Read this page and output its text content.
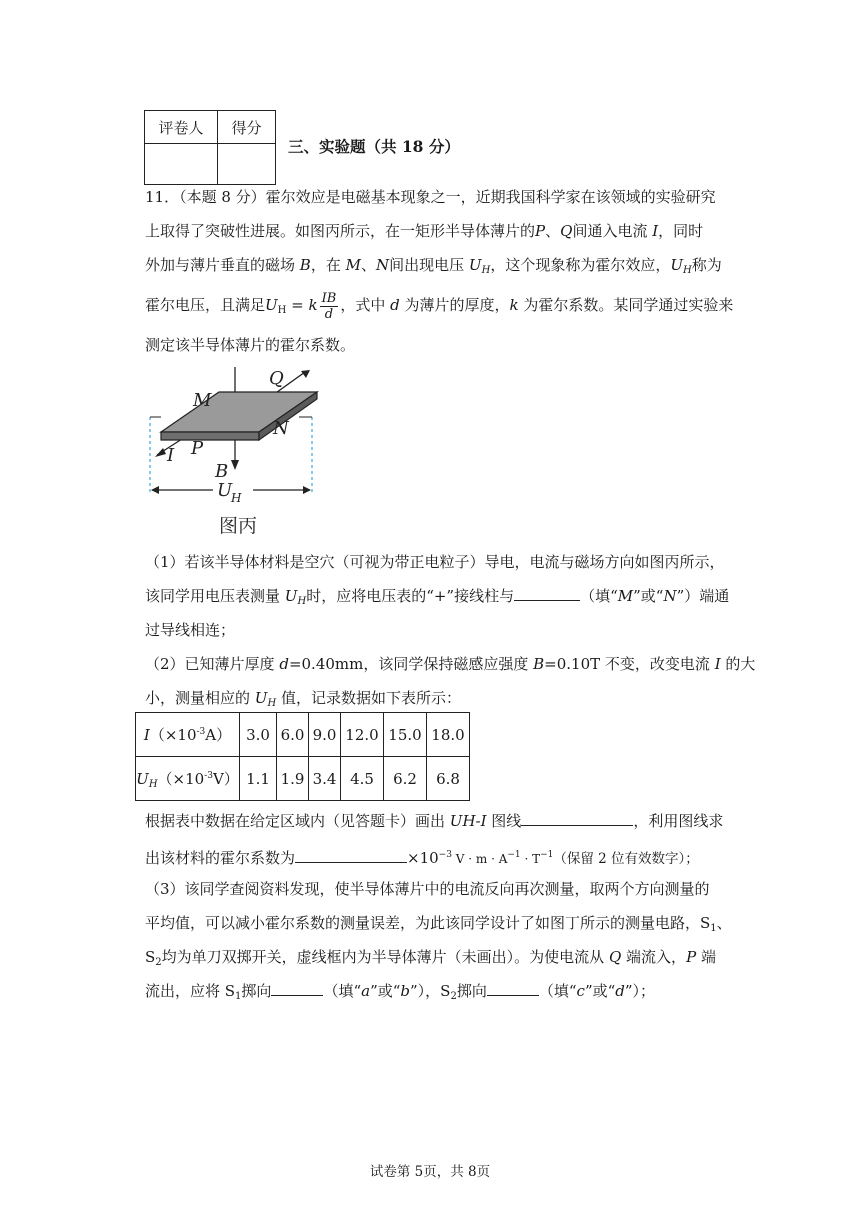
评卷人	得分

三、实验题（共 18 分）
11．（本题 8 分）霍尔效应是电磁基本现象之一，近期我国科学家在该领域的实验研究
上取得了突破性进展。如图丙所示，在一矩形半导体薄片的P、Q间通入电流 I，同时
外加与薄片垂直的磁场 B，在 M、N间出现电压 $U_H$，这个现象称为霍尔效应，$U_H$称为
霍尔电压，且满足$U_H = k \frac{IB}{d}$ ，式中 d 为薄片的厚度，k 为霍尔系数。某同学通过实验来
测定该半导体薄片的霍尔系数。
M
Q
N
I P
B
U
H
图丙
（1）若该半导体材料是空穴（可视为带正电粒子）导电，电流与磁场方向如图丙所示，
该同学用电压表测量 $U_H$时，应将电压表的“+”接线柱与	（填“M”或“N”）端通
过导线相连；
（2）已知薄片厚度 d=0.40mm，该同学保持磁感应强度 B=0.10T 不变，改变电流 I 的大
小，测量相应的 $U_H$ 值，记录数据如下表所示：
$I(\times 10^{-3}A)$	3.0	6.0	9.0	12.0	15.0	18.0
$U_H(\times 10^{-3}V)$	1.1	1.9	3.4	4.5	6.2	6.8
根据表中数据在给定区域内（见答题卡）画出 UH-I 图线	，利用图线求
出该材料的霍尔系数为	$\times 10^{-3}$ $V \cdot m \cdot A^{-1} \cdot T^{-1}$（保留 2 位有效数字）；
（3）该同学查阅资料发现，使半导体薄片中的电流反向再次测量，取两个方向测量的
平均值，可以减小霍尔系数的测量误差，为此该同学设计了如图丁所示的测量电路，$S_1$、
$S_2$均为单刀双掷开关，虚线框内为半导体薄片（未画出）。为使电流从 Q 端流入，P 端
流出，应将 $S_1$掷向	（填“a”或“b”），$S_2$掷向	（填“c”或“d”）；
试卷第 5页，共 8页
